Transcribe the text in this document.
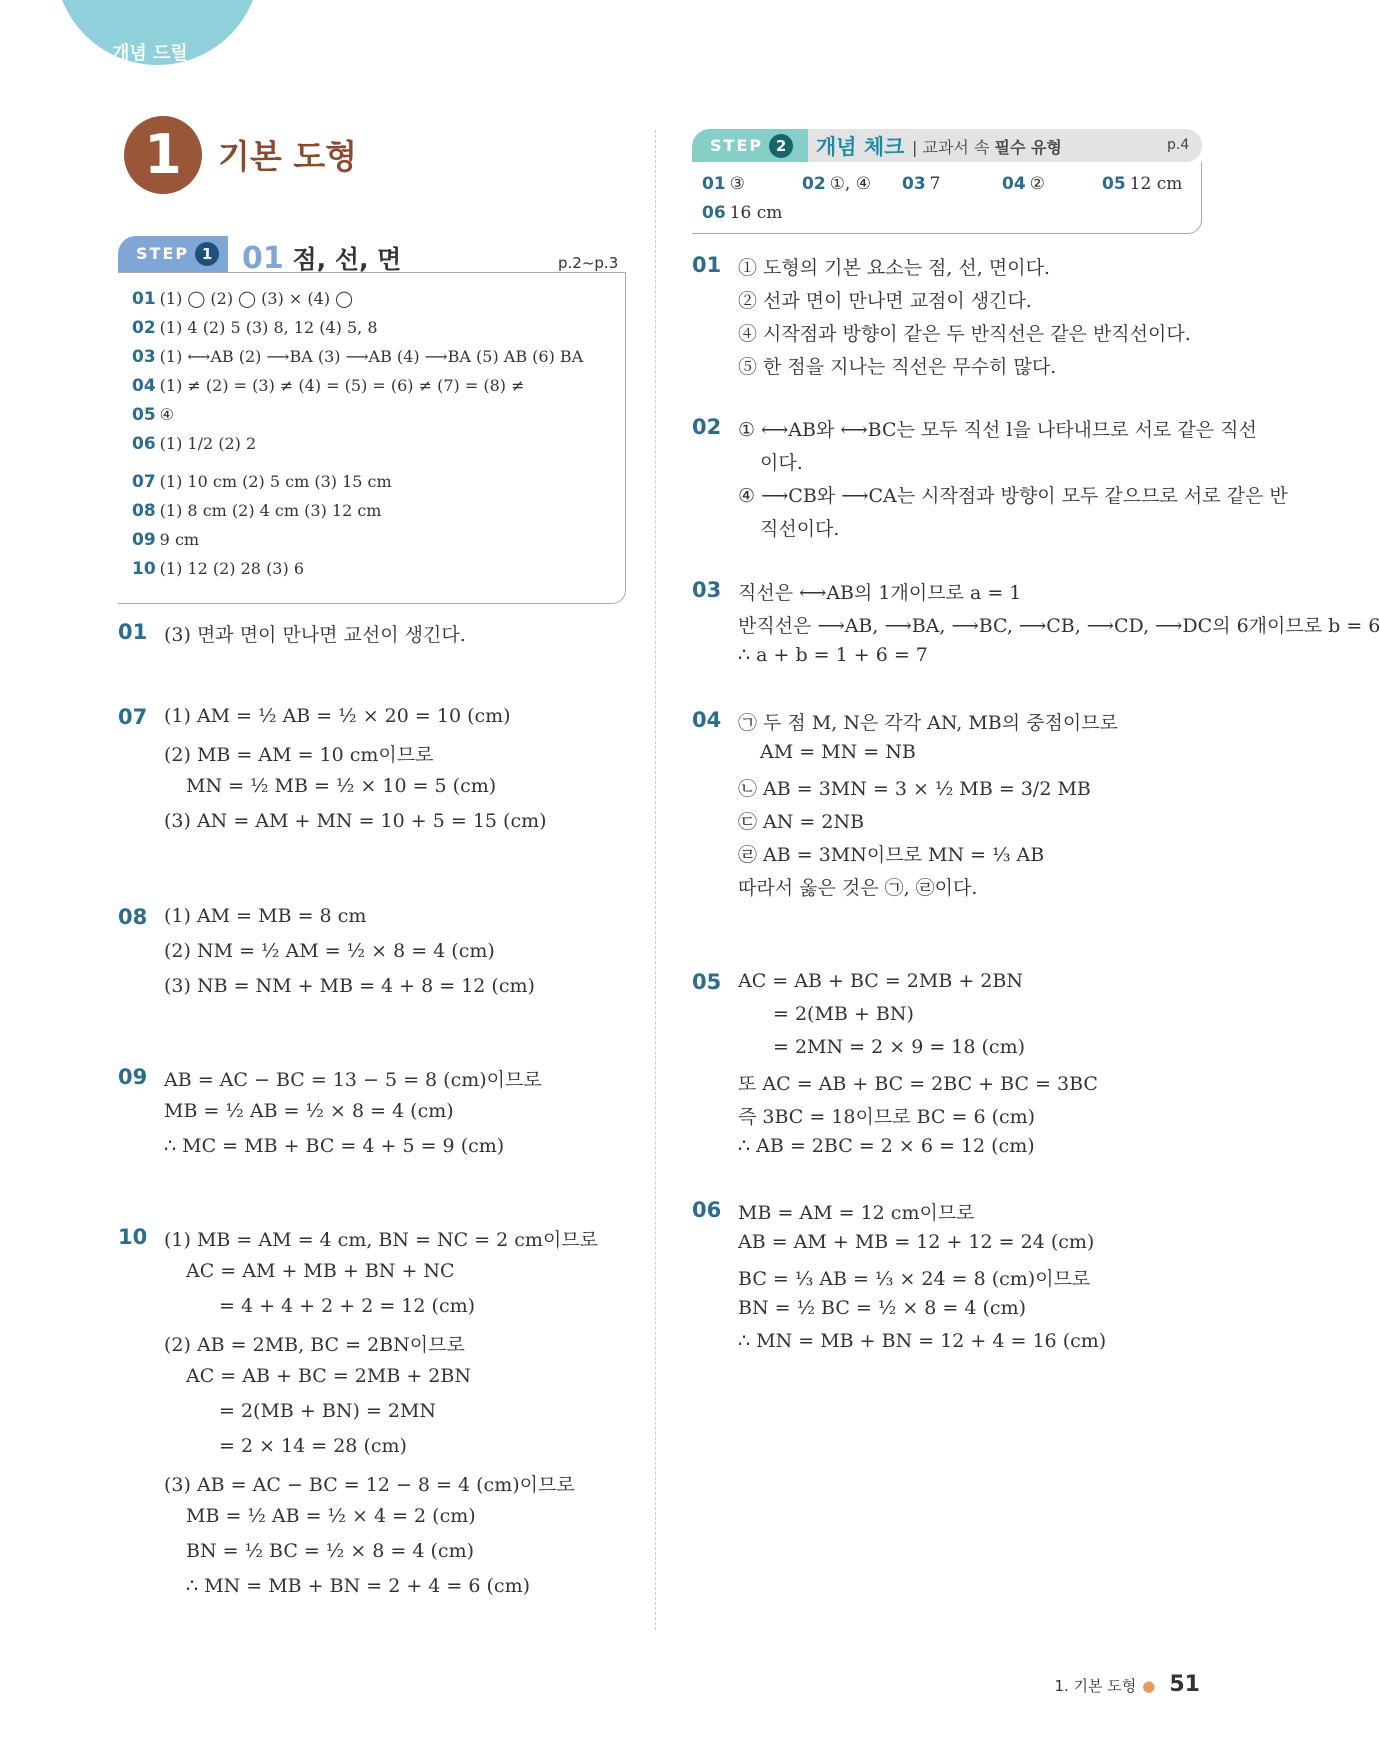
개념 드릴
1	기본 도형
STEP 1 01 점, 선, 면	p.2~p.3
01 (1) ◯ (2) ◯ (3) × (4) ◯
02 (1) 4 (2) 5 (3) 8, 12 (4) 5, 8
03 (1) ⟷AB (2) ⟶BA (3) ⟶AB (4) ⟶BA (5) AB (6) BA
04 (1) ≠ (2) = (3) ≠ (4) = (5) = (6) ≠ (7) = (8) ≠
05 ④
06 (1) 1/2 (2) 2
07 (1) 10 cm (2) 5 cm (3) 15 cm
08 (1) 8 cm (2) 4 cm (3) 12 cm
09 9 cm
10 (1) 12 (2) 28 (3) 6
01 (3) 면과 면이 만나면 교선이 생긴다.
07 (1) AM = ½ AB = ½ × 20 = 10 (cm)
(2) MB = AM = 10 cm이므로
MN = ½ MB = ½ × 10 = 5 (cm)
(3) AN = AM + MN = 10 + 5 = 15 (cm)
08 (1) AM = MB = 8 cm
(2) NM = ½ AM = ½ × 8 = 4 (cm)
(3) NB = NM + MB = 4 + 8 = 12 (cm)
09 AB = AC − BC = 13 − 5 = 8 (cm)이므로
MB = ½ AB = ½ × 8 = 4 (cm)
∴ MC = MB + BC = 4 + 5 = 9 (cm)
10 (1) MB = AM = 4 cm, BN = NC = 2 cm이므로
AC = AM + MB + BN + NC
= 4 + 4 + 2 + 2 = 12 (cm)
(2) AB = 2MB, BC = 2BN이므로
AC = AB + BC = 2MB + 2BN
= 2(MB + BN) = 2MN
= 2 × 14 = 28 (cm)
(3) AB = AC − BC = 12 − 8 = 4 (cm)이므로
MB = ½ AB = ½ × 4 = 2 (cm)
BN = ½ BC = ½ × 8 = 4 (cm)
∴ MN = MB + BN = 2 + 4 = 6 (cm)
STEP 2	개념 체크 | 교과서 속 필수 유형	p.4
01 ③	02 ①, ④ 03 7	04 ②	05 12 cm
06 16 cm
01 ① 도형의 기본 요소는 점, 선, 면이다.
② 선과 면이 만나면 교점이 생긴다.
④ 시작점과 방향이 같은 두 반직선은 같은 반직선이다.
⑤ 한 점을 지나는 직선은 무수히 많다.
02 ① ⟷AB와 ⟷BC는 모두 직선 l을 나타내므로 서로 같은 직선
이다.
④ ⟶CB와 ⟶CA는 시작점과 방향이 모두 같으므로 서로 같은 반
직선이다.
03 직선은 ⟷AB의 1개이므로 a = 1
반직선은 ⟶AB, ⟶BA, ⟶BC, ⟶CB, ⟶CD, ⟶DC의 6개이므로 b = 6
∴ a + b = 1 + 6 = 7
04 ㉠ 두 점 M, N은 각각 AN, MB의 중점이므로
AM = MN = NB
㉡ AB = 3MN = 3 × ½ MB = 3/2 MB
㉢ AN = 2NB
㉣ AB = 3MN이므로 MN = ⅓ AB
따라서 옳은 것은 ㉠, ㉣이다.
05 AC = AB + BC = 2MB + 2BN
= 2(MB + BN)
= 2MN = 2 × 9 = 18 (cm)
또 AC = AB + BC = 2BC + BC = 3BC
즉 3BC = 18이므로 BC = 6 (cm)
∴ AB = 2BC = 2 × 6 = 12 (cm)
06 MB = AM = 12 cm이므로
AB = AM + MB = 12 + 12 = 24 (cm)
BC = ⅓ AB = ⅓ × 24 = 8 (cm)이므로
BN = ½ BC = ½ × 8 = 4 (cm)
∴ MN = MB + BN = 12 + 4 = 16 (cm)
1. 기본 도형 ● 51
